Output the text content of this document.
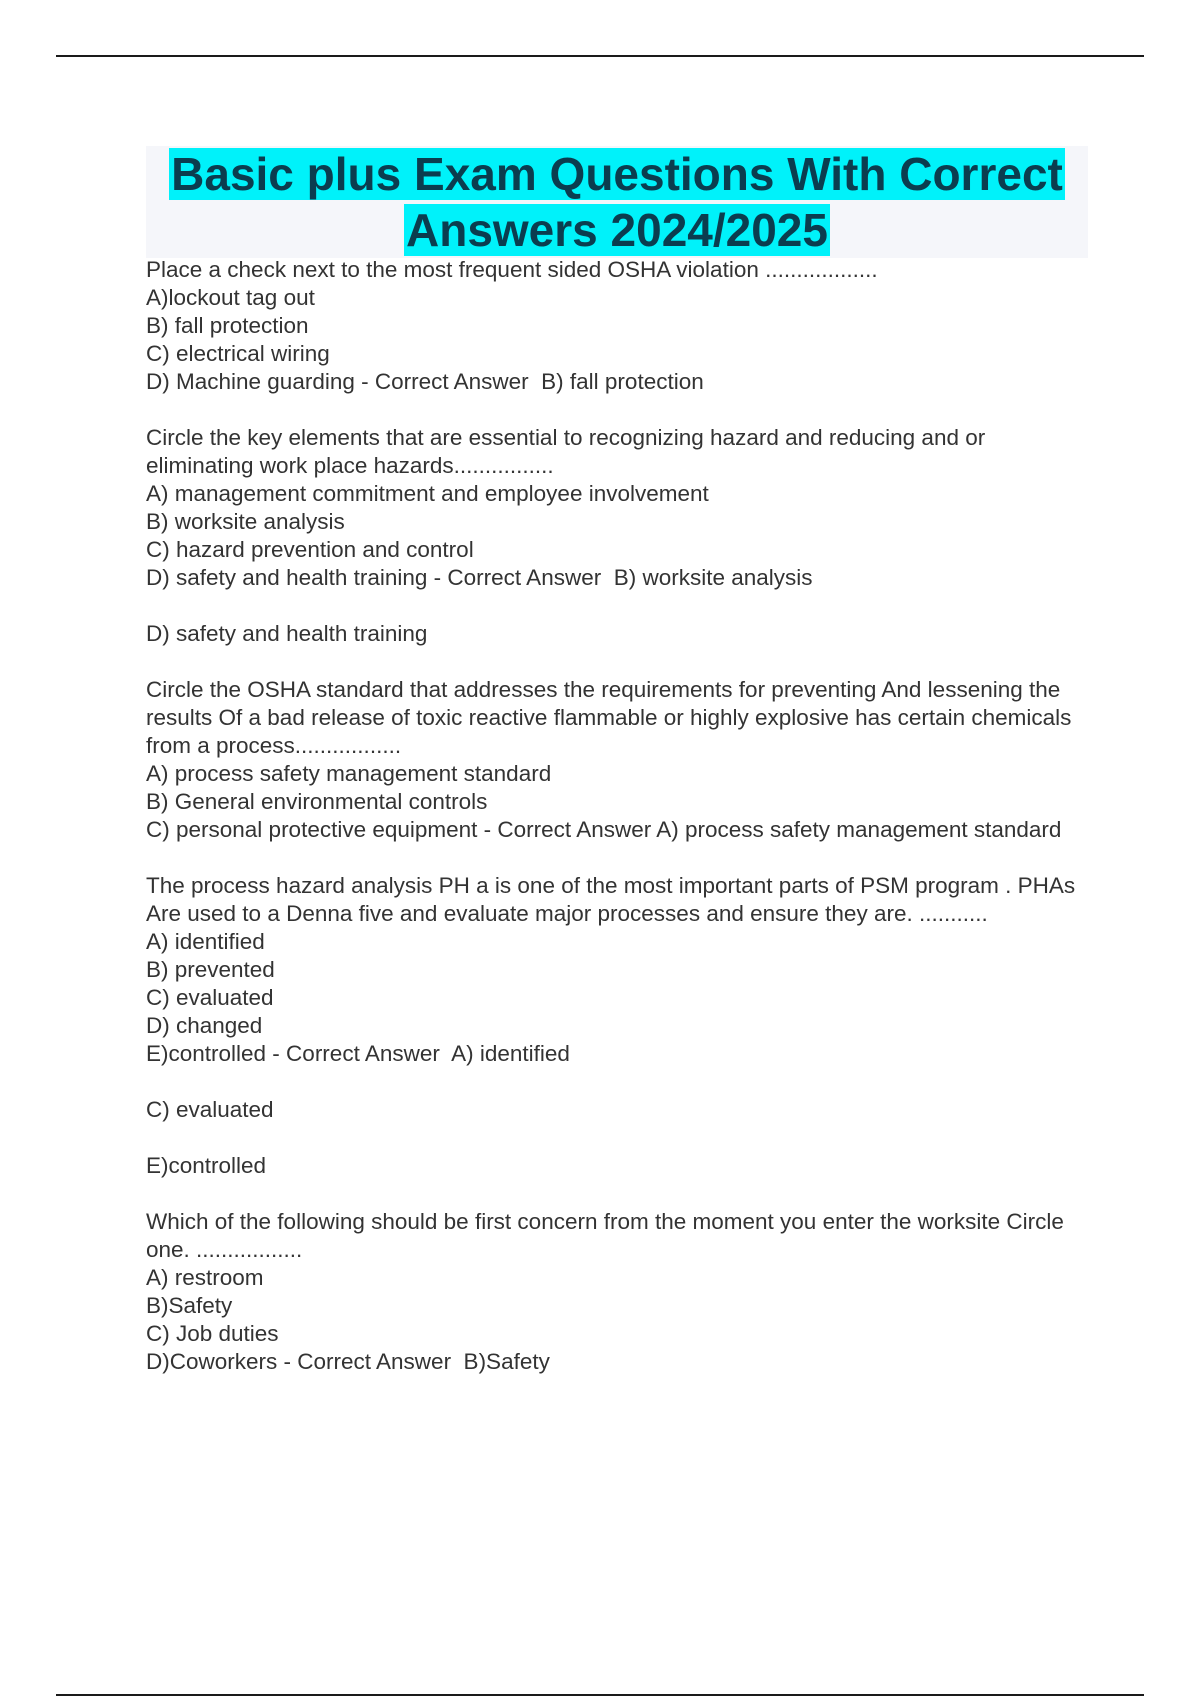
Basic plus Exam Questions With Correct
Answers 2024/2025

Place a check next to the most frequent sided OSHA violation ..................

A)lockout tag out

B) fall protection

C) electrical wiring

D) Machine guarding - Correct Answer  B) fall protection

Circle the key elements that are essential to recognizing hazard and reducing and or eliminating work place hazards................

A) management commitment and employee involvement

B) worksite analysis

C) hazard prevention and control

D) safety and health training - Correct Answer  B) worksite analysis

D) safety and health training

Circle the OSHA standard that addresses the requirements for preventing And lessening the results Of a bad release of toxic reactive flammable or highly explosive has certain chemicals from a process.................

A) process safety management standard

B) General environmental controls

C) personal protective equipment - Correct Answer A) process safety management standard

The process hazard analysis PH a is one of the most important parts of PSM program . PHAs Are used to a Denna five and evaluate major processes and ensure they are. ...........

A) identified

B) prevented

C) evaluated

D) changed

E)controlled - Correct Answer  A) identified

C) evaluated

E)controlled

Which of the following should be first concern from the moment you enter the worksite Circle one. .................

A) restroom

B)Safety

C) Job duties

D)Coworkers - Correct Answer  B)Safety
